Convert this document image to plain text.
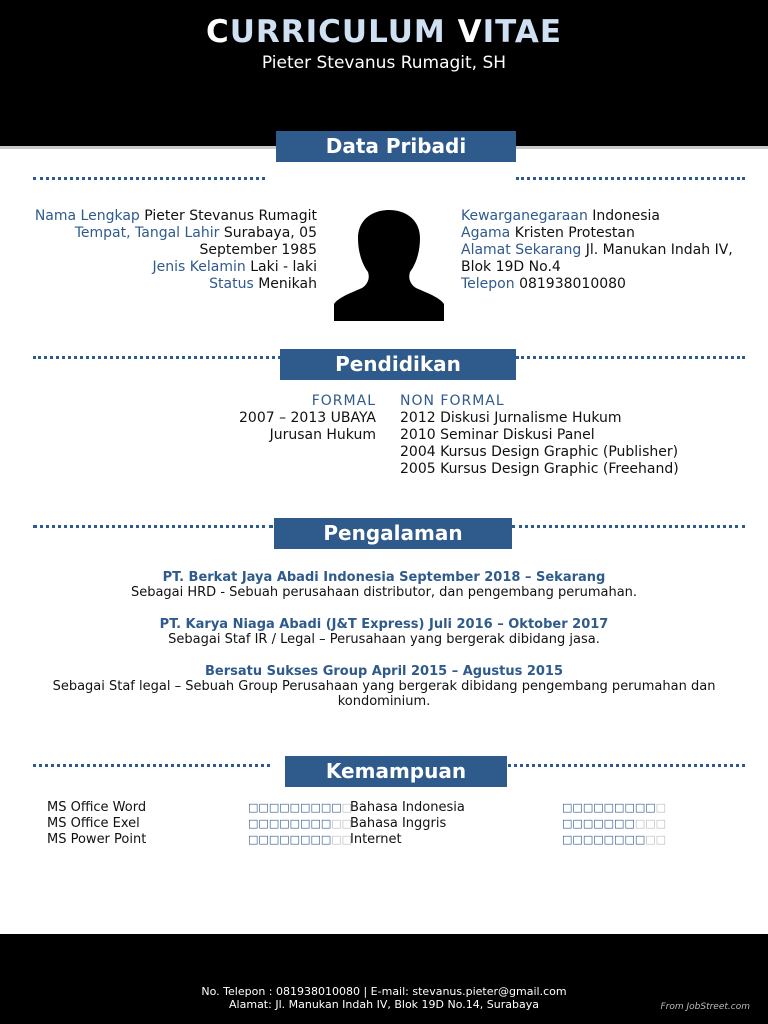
CURRICULUM VITAE
Pieter Stevanus Rumagit, SH
Data Pribadi
Nama Lengkap Pieter Stevanus Rumagit
Tempat, Tangal Lahir Surabaya, 05 September 1985
Jenis Kelamin Laki - laki
Status Menikah
Kewarganegaraan Indonesia
Agama Kristen Protestan
Alamat Sekarang Jl. Manukan Indah IV, Blok 19D No.4
Telepon 081938010080
Pendidikan
FORMAL
2007 – 2013 UBAYA
Jurusan Hukum
NON FORMAL
2012 Diskusi Jurnalisme Hukum
2010 Seminar Diskusi Panel
2004 Kursus Design Graphic (Publisher)
2005 Kursus Design Graphic (Freehand)
Pengalaman
PT. Berkat Jaya Abadi Indonesia September 2018 – Sekarang
Sebagai HRD - Sebuah perusahaan distributor, dan pengembang perumahan.
PT. Karya Niaga Abadi (J&T Express) Juli 2016 – Oktober 2017
Sebagai Staf IR / Legal – Perusahaan yang bergerak dibidang jasa.
Bersatu Sukses Group April 2015 – Agustus 2015
Sebagai Staf legal – Sebuah Group Perusahaan yang bergerak dibidang pengembang perumahan dan kondominium.
Kemampuan
MS Office Word
MS Office Exel
MS Power Point
□ □ □ □ □ □ □ □ □ □
□ □ □ □ □ □ □ □ □ □
□ □ □ □ □ □ □ □ □ □
Bahasa Indonesia
Bahasa Inggris
Internet
□ □ □ □ □ □ □ □ □ □
□ □ □ □ □ □ □ □ □ □
□ □ □ □ □ □ □ □ □ □
No. Telepon : 081938010080 | E-mail: stevanus.pieter@gmail.com
Alamat: Jl. Manukan Indah IV, Blok 19D No.14, Surabaya	From JobStreet.com
